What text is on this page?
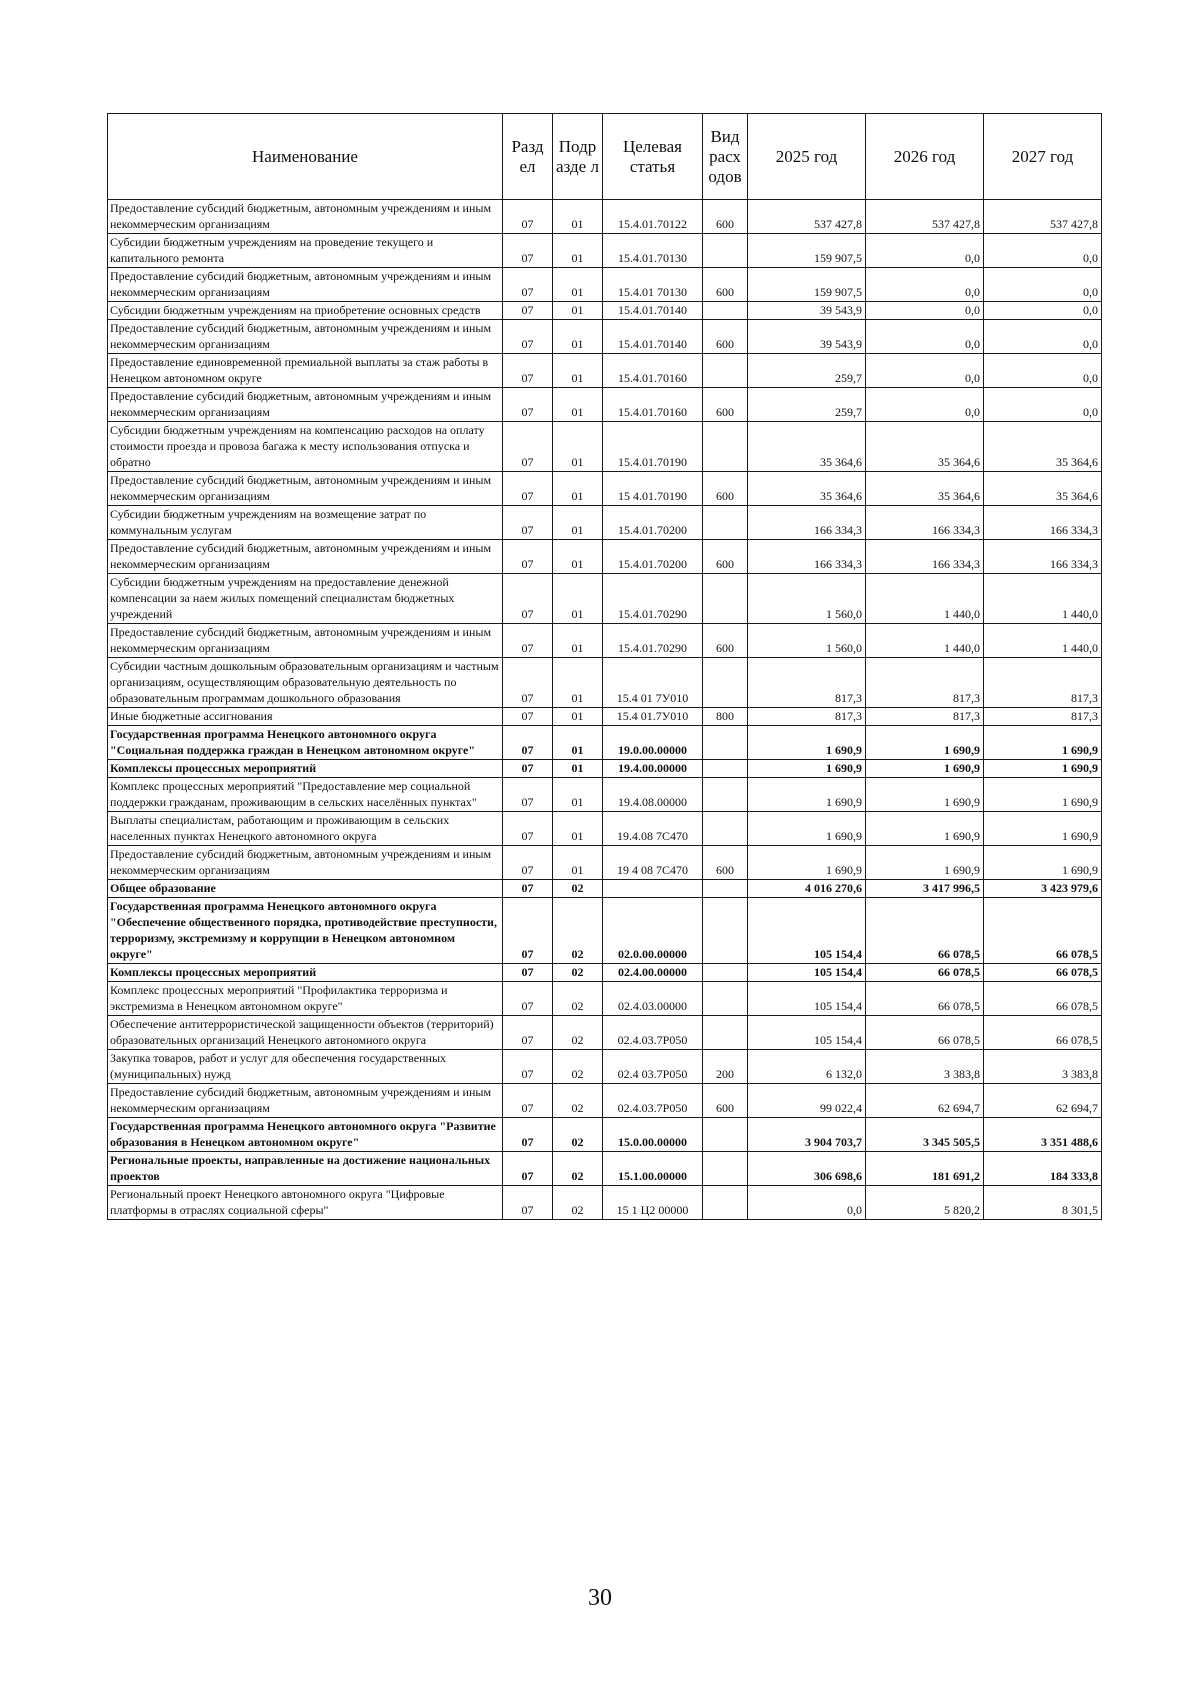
Наименование	Разд ел	Подр азде л	Целевая статья	Вид расх одов	2025 год	2026 год	2027 год
Предоставление субсидий бюджетным, автономным учреждениям и иным некоммерческим организациям	07	01	15.4.01.70122	600	537 427,8	537 427,8	537 427,8
Субсидии бюджетным учреждениям на проведение текущего и капитального ремонта	07	01	15.4.01.70130		159 907,5	0,0	0,0
Предоставление субсидий бюджетным, автономным учреждениям и иным некоммерческим организациям	07	01	15.4.01 70130	600	159 907,5	0,0	0,0
Субсидии бюджетным учреждениям на приобретение основных средств	07	01	15.4.01.70140		39 543,9	0,0	0,0
Предоставление субсидий бюджетным, автономным учреждениям и иным некоммерческим организациям	07	01	15.4.01.70140	600	39 543,9	0,0	0,0
Предоставление единовременной премиальной выплаты за стаж работы в Ненецком автономном округе	07	01	15.4.01.70160		259,7	0,0	0,0
Предоставление субсидий бюджетным, автономным учреждениям и иным некоммерческим организациям	07	01	15.4.01.70160	600	259,7	0,0	0,0
Субсидии бюджетным учреждениям на компенсацию расходов на оплату стоимости проезда и провоза багажа к месту использования отпуска и обратно	07	01	15.4.01.70190		35 364,6	35 364,6	35 364,6
Предоставление субсидий бюджетным, автономным учреждениям и иным некоммерческим организациям	07	01	15 4.01.70190	600	35 364,6	35 364,6	35 364,6
Субсидии бюджетным учреждениям на возмещение затрат по коммунальным услугам	07	01	15.4.01.70200		166 334,3	166 334,3	166 334,3
Предоставление субсидий бюджетным, автономным учреждениям и иным некоммерческим организациям	07	01	15.4.01.70200	600	166 334,3	166 334,3	166 334,3
Субсидии бюджетным учреждениям на предоставление денежной компенсации за наем жилых помещений специалистам бюджетных учреждений	07	01	15.4.01.70290		1 560,0	1 440,0	1 440,0
Предоставление субсидий бюджетным, автономным учреждениям и иным некоммерческим организациям	07	01	15.4.01.70290	600	1 560,0	1 440,0	1 440,0
Субсидии частным дошкольным образовательным организациям и частным организациям, осуществляющим образовательную деятельность по образовательным программам дошкольного образования	07	01	15.4 01 7У010		817,3	817,3	817,3
Иные бюджетные ассигнования	07	01	15.4 01.7У010	800	817,3	817,3	817,3
Государственная программа Ненецкого автономного округа "Социальная поддержка граждан в Ненецком автономном округе"	07	01	19.0.00.00000		1 690,9	1 690,9	1 690,9
Комплексы процессных мероприятий	07	01	19.4.00.00000		1 690,9	1 690,9	1 690,9
Комплекс процессных мероприятий "Предоставление мер социальной поддержки гражданам, проживающим в сельских населённых пунктах"	07	01	19.4.08.00000		1 690,9	1 690,9	1 690,9
Выплаты специалистам, работающим и проживающим в сельских населенных пунктах Ненецкого автономного округа	07	01	19.4.08 7С470		1 690,9	1 690,9	1 690,9
Предоставление субсидий бюджетным, автономным учреждениям и иным некоммерческим организациям	07	01	19 4 08 7С470	600	1 690,9	1 690,9	1 690,9
Общее образование	07	02			4 016 270,6	3 417 996,5	3 423 979,6
Государственная программа Ненецкого автономного округа "Обеспечение общественного порядка, противодействие преступности, терроризму, экстремизму и коррупции в Ненецком автономном округе"	07	02	02.0.00.00000		105 154,4	66 078,5	66 078,5
Комплексы процессных мероприятий	07	02	02.4.00.00000		105 154,4	66 078,5	66 078,5
Комплекс процессных мероприятий "Профилактика терроризма и экстремизма в Ненецком автономном округе"	07	02	02.4.03.00000		105 154,4	66 078,5	66 078,5
Обеспечение антитеррористической защищенности объектов (территорий) образовательных организаций Ненецкого автономного округа	07	02	02.4.03.7Р050		105 154,4	66 078,5	66 078,5
Закупка товаров, работ и услуг для обеспечения государственных (муниципальных) нужд	07	02	02.4 03.7Р050	200	6 132,0	3 383,8	3 383,8
Предоставление субсидий бюджетным, автономным учреждениям и иным некоммерческим организациям	07	02	02.4.03.7Р050	600	99 022,4	62 694,7	62 694,7
Государственная программа Ненецкого автономного округа "Развитие образования в Ненецком автономном округе"	07	02	15.0.00.00000		3 904 703,7	3 345 505,5	3 351 488,6
Региональные проекты, направленные на достижение национальных проектов	07	02	15.1.00.00000		306 698,6	181 691,2	184 333,8
Региональный проект Ненецкого автономного округа "Цифровые платформы в отраслях социальной сферы"	07	02	15 1 Ц2 00000		0,0	5 820,2	8 301,5
30
